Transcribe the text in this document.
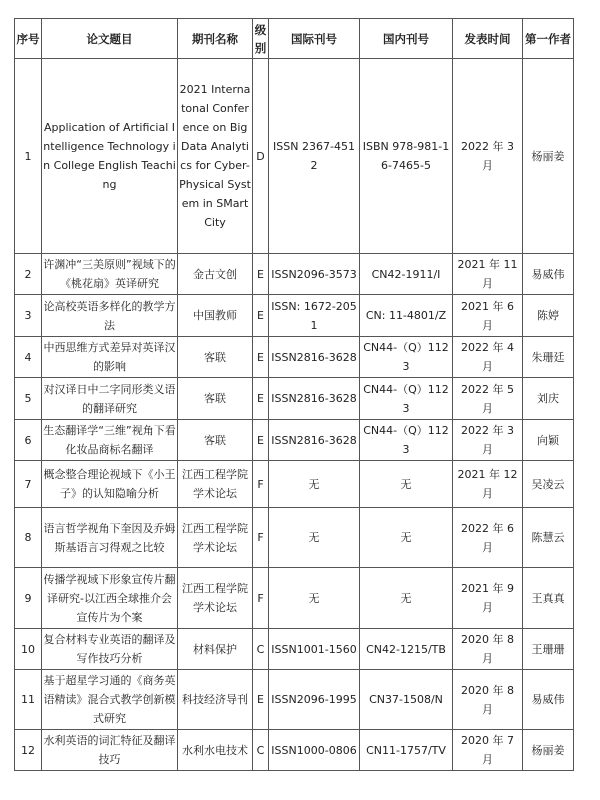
序号	论文题目	期刊名称	级别	国际刊号	国内刊号	发表时间	第一作者
1	Application of Artificial Intelligence Technology in College English Teaching	2021 Internatonal Conference on Big Data Analytics for Cyber-Physical System in SMart City	D	ISSN 2367-4512	ISBN 978-981-16-7465-5	2022 年 3 月	杨丽姜
2	许渊冲“三美原则”视域下的《桃花扇》英译研究	金古文创	E	ISSN2096-3573	CN42-1911/I	2021 年 11 月	易威伟
3	论高校英语多样化的教学方法	中国教师	E	ISSN: 1672-2051	CN: 11-4801/Z	2021 年 6 月	陈婷
4	中西思维方式差异对英译汉的影响	客联	E	ISSN2816-3628	CN44-（Q）1123	2022 年 4 月	朱珊廷
5	对汉译日中二字同形类义语的翻译研究	客联	E	ISSN2816-3628	CN44-（Q）1123	2022 年 5 月	刘庆
6	生态翻译学“三维”视角下看化妆品商标名翻译	客联	E	ISSN2816-3628	CN44-（Q）1123	2022 年 3 月	向颖
7	概念整合理论视域下《小王子》的认知隐喻分析	江西工程学院学术论坛	F	无	无	2021 年 12 月	吴凌云
8	语言哲学视角下奎因及乔姆斯基语言习得观之比较	江西工程学院学术论坛	F	无	无	2022 年 6 月	陈慧云
9	传播学视域下形象宣传片翻译研究-以江西全球推介会宣传片为个案	江西工程学院学术论坛	F	无	无	2021 年 9 月	王真真
10	复合材料专业英语的翻译及写作技巧分析	材料保护	C	ISSN1001-1560	CN42-1215/TB	2020 年 8 月	王珊珊
11	基于超星学习通的《商务英语精读》混合式教学创新模式研究	科技经济导刊	E	ISSN2096-1995	CN37-1508/N	2020 年 8 月	易威伟
12	水利英语的词汇特征及翻译技巧	水利水电技术	C	ISSN1000-0806	CN11-1757/TV	2020 年 7 月	杨丽姜
